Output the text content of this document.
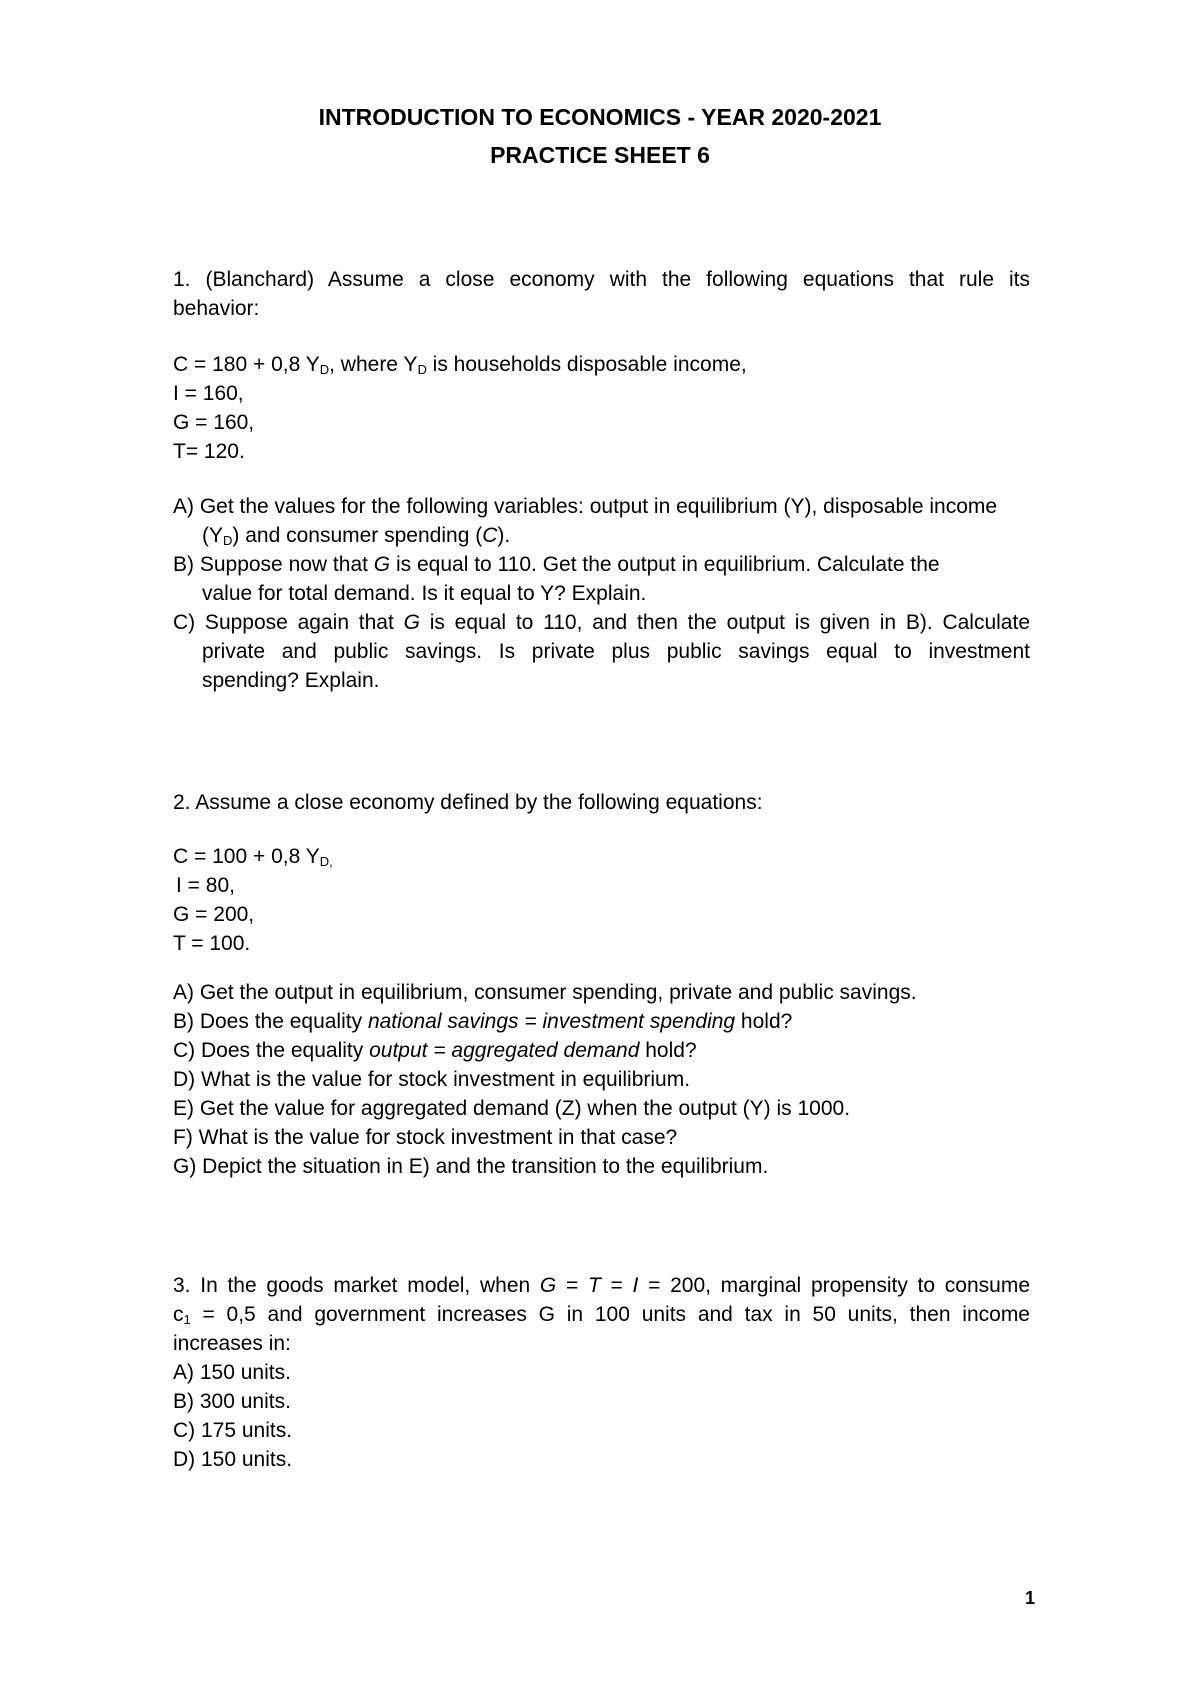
INTRODUCTION TO ECONOMICS - YEAR 2020-2021
PRACTICE SHEET 6
1. (Blanchard) Assume a close economy with the following equations that rule its
behavior:
C = 180 + 0,8 $Y_D$, where $Y_D$ is households disposable income,
I = 160,
G = 160,
T= 120.
A) Get the values for the following variables: output in equilibrium (Y), disposable income
$(Y_D)$ and consumer spending (C).
B) Suppose now that G is equal to 110. Get the output in equilibrium. Calculate the
value for total demand. Is it equal to Y? Explain.
C) Suppose again that G is equal to 110, and then the output is given in B). Calculate
private and public savings. Is private plus public savings equal to investment
spending? Explain.
2. Assume a close economy defined by the following equations:
C = 100 + 0,8 $Y_{D,}$
I = 80,
G = 200,
T = 100.
A) Get the output in equilibrium, consumer spending, private and public savings.
B) Does the equality national savings = investment spending hold?
C) Does the equality output = aggregated demand hold?
D) What is the value for stock investment in equilibrium.
E) Get the value for aggregated demand (Z) when the output (Y) is 1000.
F) What is the value for stock investment in that case?
G) Depict the situation in E) and the transition to the equilibrium.
3. In the goods market model, when G = T = I = 200, marginal propensity to consume
$c_1 = 0,5$ and government increases G in 100 units and tax in 50 units, then income
increases in:
A) 150 units.
B) 300 units.
C) 175 units.
D) 150 units.
1
